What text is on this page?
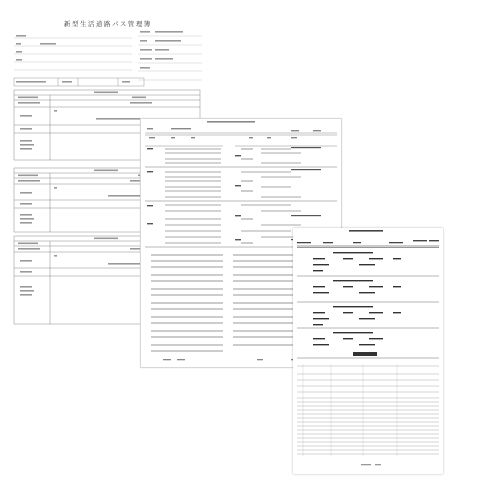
新型生活道路パス管理簿
